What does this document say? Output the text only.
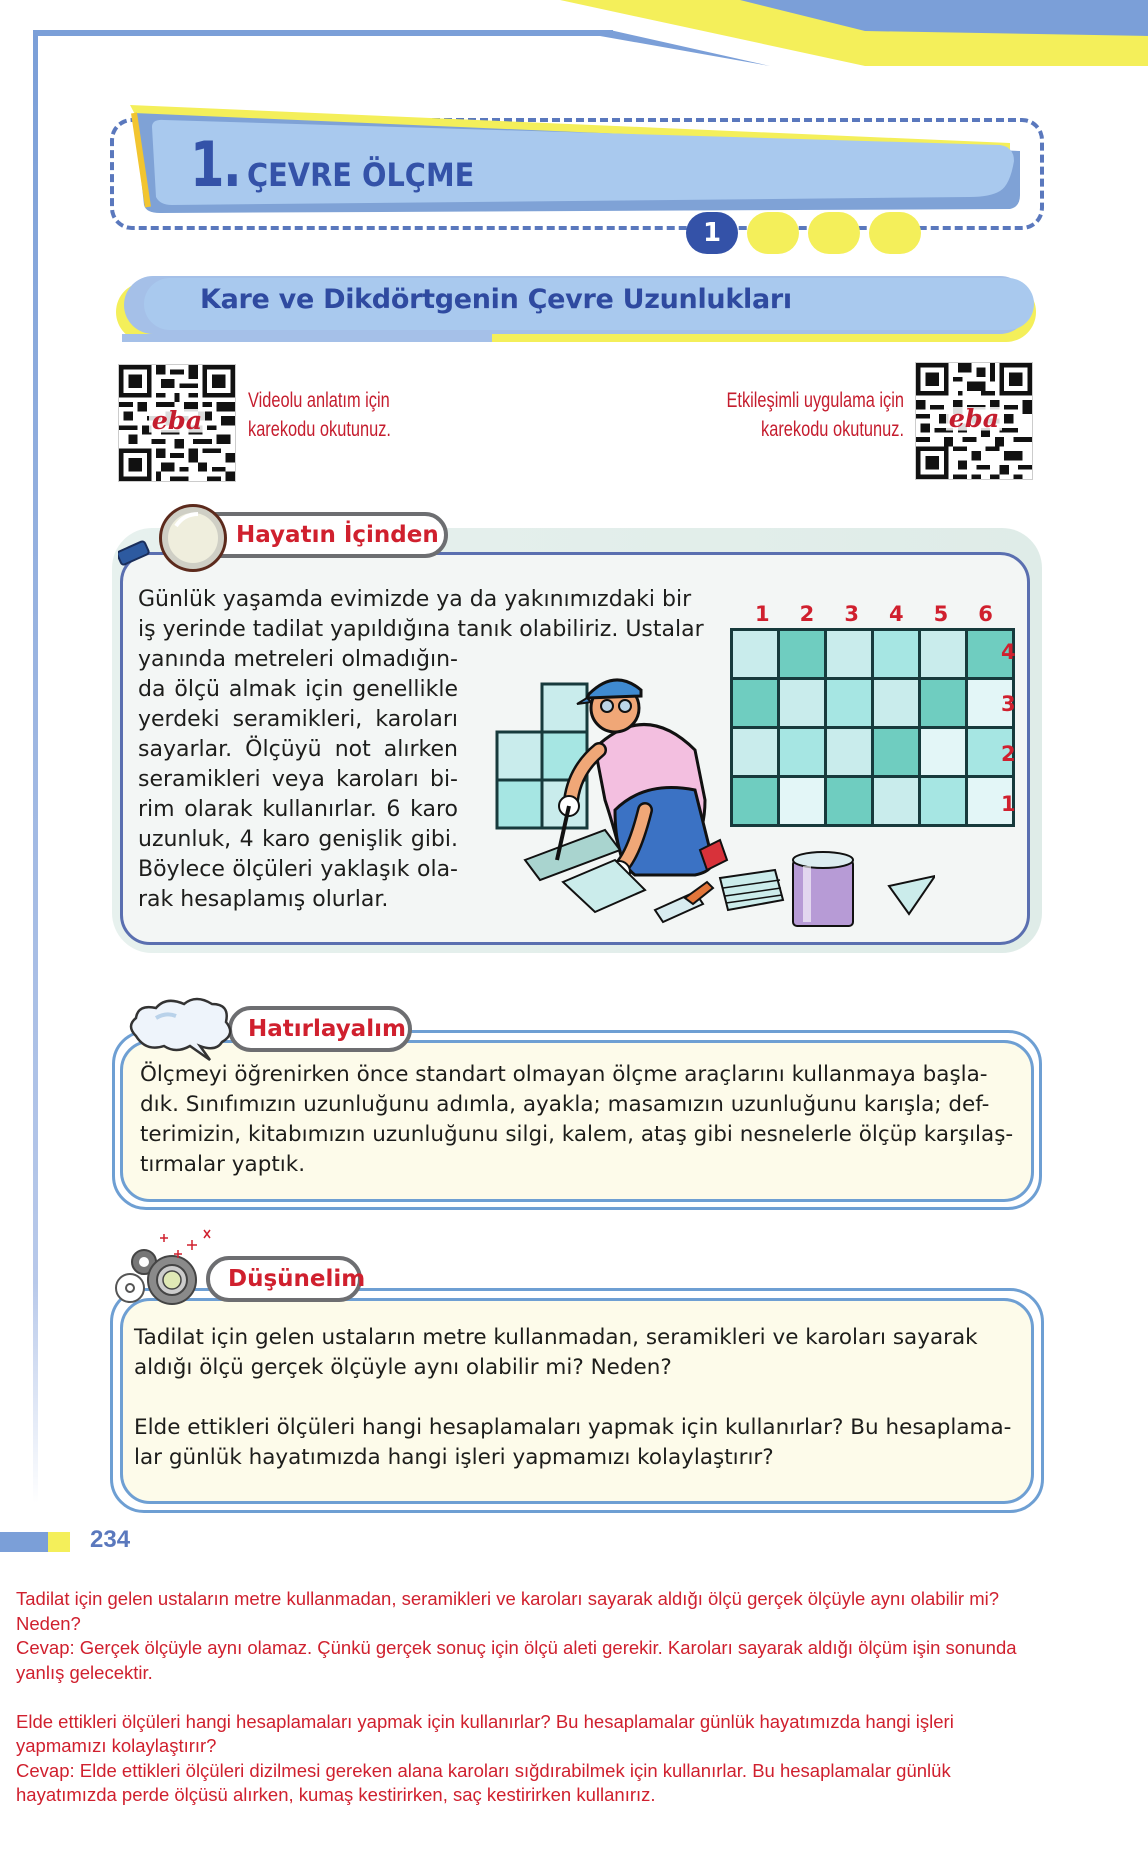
1. ÇEVRE ÖLÇME
1
Kare ve Dikdörtgenin Çevre Uzunlukları
eba
Videolu anlatım için
karekodu okutunuz.	eba
Etkileşimli uygulama için
karekodu okutunuz.
Hayatın İçinden
Günlük yaşamda evimizde ya da yakınımızdaki bir
iş yerinde tadilat yapıldığına tanık olabiliriz. Ustalar
yanında metreleri olmadığın-
da ölçü almak için genellikle
yerdeki seramikleri, karoları
sayarlar. Ölçüyü not alırken
seramikleri veya karoları bi-
rim olarak kullanırlar. 6 karo
uzunluk, 4 karo genişlik gibi.
Böylece ölçüleri yaklaşık ola-
rak hesaplamış olurlar.
1 2 3 4 5 6
4
3
2
1
Hatırlayalım
Ölçmeyi öğrenirken önce standart olmayan ölçme araçlarını kullanmaya başla-
dık. Sınıfımızın uzunluğunu adımla, ayakla; masamızın uzunluğunu karışla; def-
terimizin, kitabımızın uzunluğunu silgi, kalem, ataş gibi nesnelerle ölçüp karşılaş-
tırmalar yaptık.
Düşünelim

Tadilat için gelen ustaların metre kullanmadan, seramikleri ve karoları sayarak
aldığı ölçü gerçek ölçüyle aynı olabilir mi? Neden?

Elde ettikleri ölçüleri hangi hesaplamaları yapmak için kullanırlar? Bu hesaplama-
lar günlük hayatımızda hangi işleri yapmamızı kolaylaştırır?

234
Tadilat için gelen ustaların metre kullanmadan, seramikleri ve karoları sayarak aldığı ölçü gerçek ölçüyle aynı olabilir mi?
Neden?
Cevap: Gerçek ölçüyle aynı olamaz. Çünkü gerçek sonuç için ölçü aleti gerekir. Karoları sayarak aldığı ölçüm işin sonunda
yanlış gelecektir.
Elde ettikleri ölçüleri hangi hesaplamaları yapmak için kullanırlar? Bu hesaplamalar günlük hayatımızda hangi işleri
yapmamızı kolaylaştırır?
Cevap: Elde ettikleri ölçüleri dizilmesi gereken alana karoları sığdırabilmek için kullanırlar. Bu hesaplamalar günlük
hayatımızda perde ölçüsü alırken, kumaş kestirirken, saç kestirirken kullanırız.
